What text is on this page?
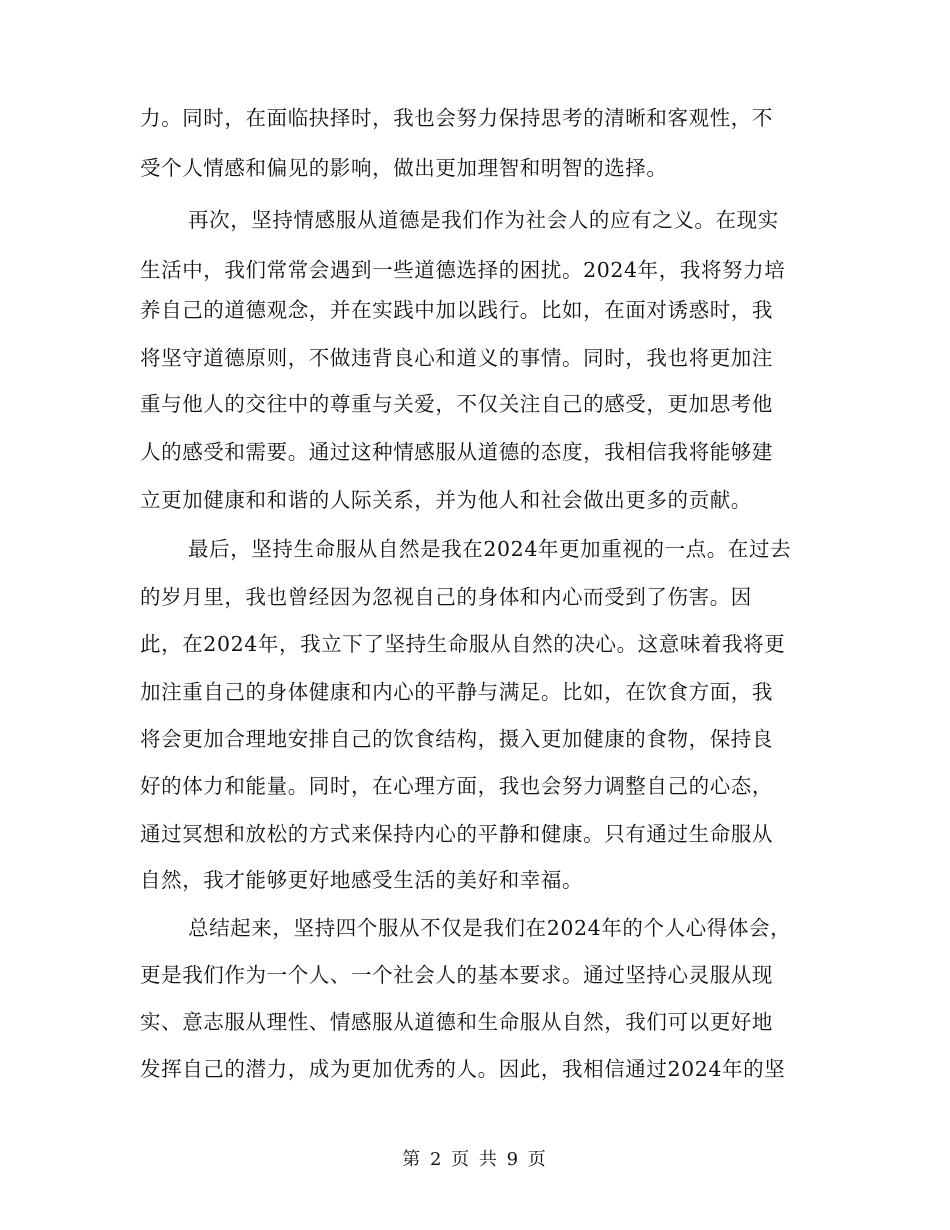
力。同时，在面临抉择时，我也会努力保持思考的清晰和客观性，不
受个人情感和偏见的影响，做出更加理智和明智的选择。
再次，坚持情感服从道德是我们作为社会人的应有之义。在现实
生活中，我们常常会遇到一些道德选择的困扰。2024年，我将努力培
养自己的道德观念，并在实践中加以践行。比如，在面对诱惑时，我
将坚守道德原则，不做违背良心和道义的事情。同时，我也将更加注
重与他人的交往中的尊重与关爱，不仅关注自己的感受，更加思考他
人的感受和需要。通过这种情感服从道德的态度，我相信我将能够建
立更加健康和和谐的人际关系，并为他人和社会做出更多的贡献。
最后，坚持生命服从自然是我在2024年更加重视的一点。在过去
的岁月里，我也曾经因为忽视自己的身体和内心而受到了伤害。因
此，在2024年，我立下了坚持生命服从自然的决心。这意味着我将更
加注重自己的身体健康和内心的平静与满足。比如，在饮食方面，我
将会更加合理地安排自己的饮食结构，摄入更加健康的食物，保持良
好的体力和能量。同时，在心理方面，我也会努力调整自己的心态，
通过冥想和放松的方式来保持内心的平静和健康。只有通过生命服从
自然，我才能够更好地感受生活的美好和幸福。
总结起来，坚持四个服从不仅是我们在2024年的个人心得体会，
更是我们作为一个人、一个社会人的基本要求。通过坚持心灵服从现
实、意志服从理性、情感服从道德和生命服从自然，我们可以更好地
发挥自己的潜力，成为更加优秀的人。因此，我相信通过2024年的坚
第 2 页 共 9 页
